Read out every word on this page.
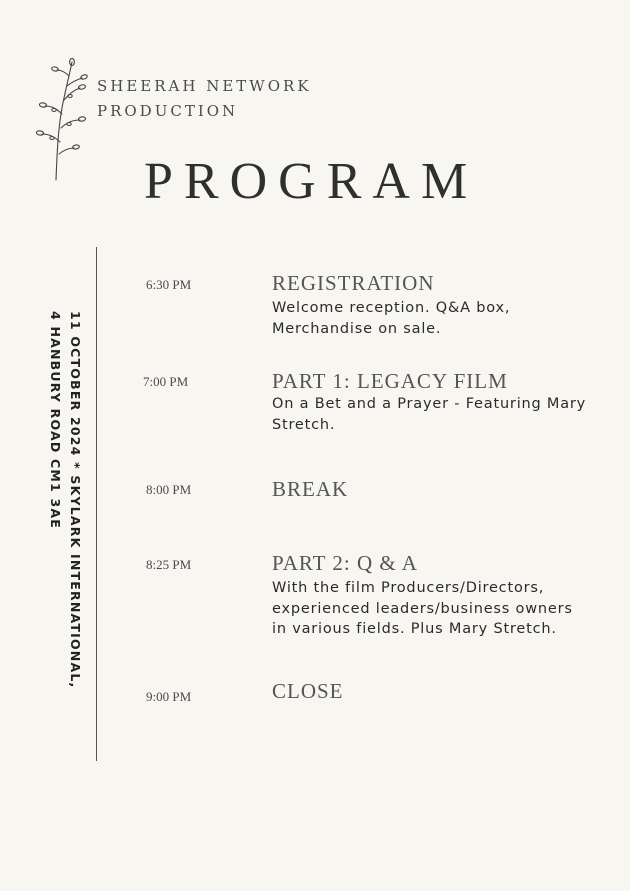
SHEERAH NETWORK
PRODUCTION
PROGRAM
11 OCTOBER 2024 * SKYLARK INTERNATIONAL,
4 HANBURY ROAD CM1 3AE
6:30 PM	REGISTRATION
Welcome reception. Q&A box, Merchandise on sale.
7:00 PM	PART 1: LEGACY FILM
On a Bet and a Prayer - Featuring Mary Stretch.
8:00 PM	BREAK
8:25 PM	PART 2: Q & A
With the film Producers/Directors, experienced leaders/business owners in various fields. Plus Mary Stretch.
9:00 PM	CLOSE
